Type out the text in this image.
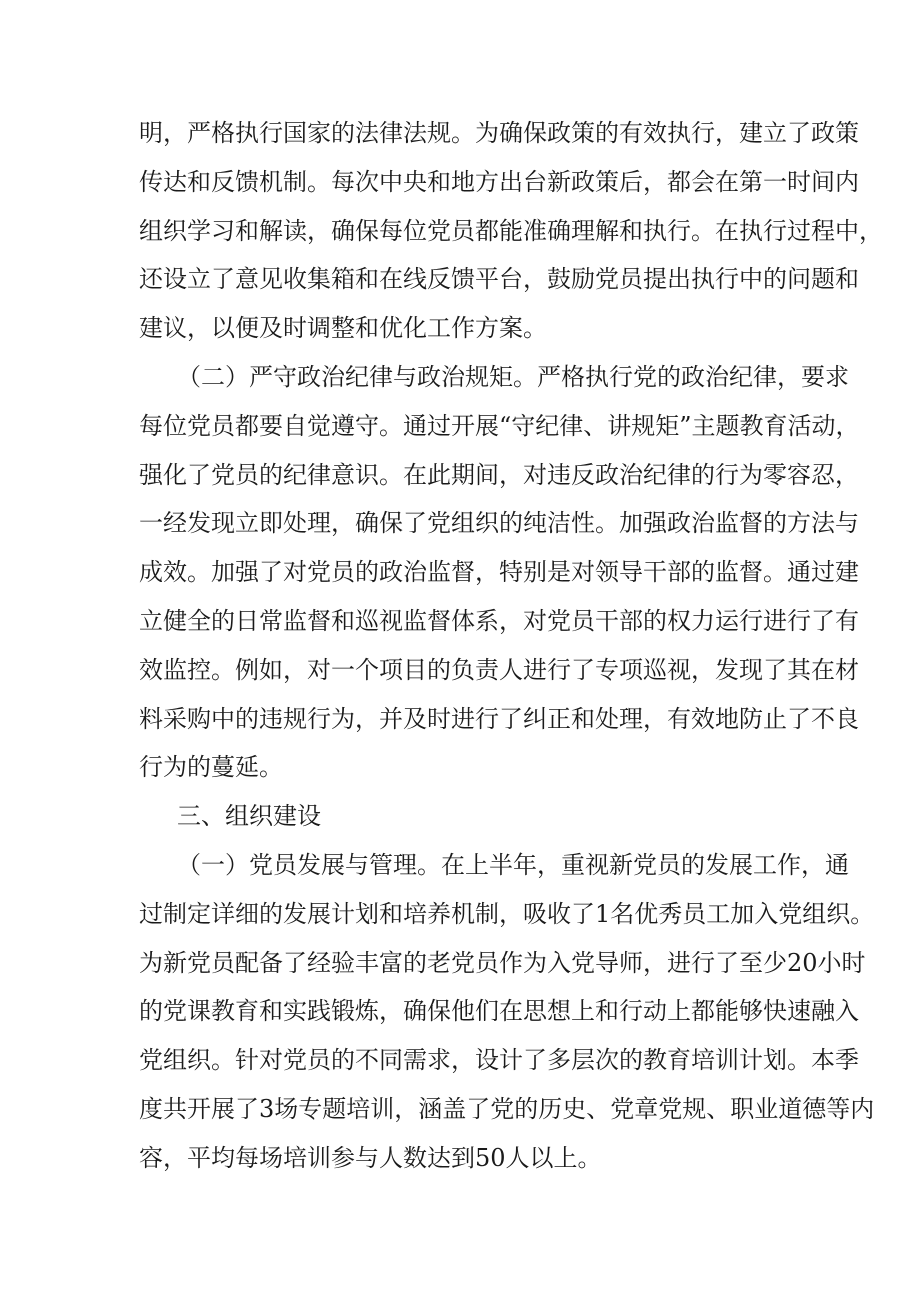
明，严格执行国家的法律法规。为确保政策的有效执行，建立了政策
传达和反馈机制。每次中央和地方出台新政策后，都会在第一时间内
组织学习和解读，确保每位党员都能准确理解和执行。在执行过程中，
还设立了意见收集箱和在线反馈平台，鼓励党员提出执行中的问题和
建议，以便及时调整和优化工作方案。
（二）严守政治纪律与政治规矩。严格执行党的政治纪律，要求
每位党员都要自觉遵守。通过开展“守纪律、讲规矩”主题教育活动，
强化了党员的纪律意识。在此期间，对违反政治纪律的行为零容忍，
一经发现立即处理，确保了党组织的纯洁性。加强政治监督的方法与
成效。加强了对党员的政治监督，特别是对领导干部的监督。通过建
立健全的日常监督和巡视监督体系，对党员干部的权力运行进行了有
效监控。例如，对一个项目的负责人进行了专项巡视，发现了其在材
料采购中的违规行为，并及时进行了纠正和处理，有效地防止了不良
行为的蔓延。
三、组织建设
（一）党员发展与管理。在上半年，重视新党员的发展工作，通
过制定详细的发展计划和培养机制，吸收了1名优秀员工加入党组织。
为新党员配备了经验丰富的老党员作为入党导师，进行了至少20小时
的党课教育和实践锻炼，确保他们在思想上和行动上都能够快速融入
党组织。针对党员的不同需求，设计了多层次的教育培训计划。本季
度共开展了3场专题培训，涵盖了党的历史、党章党规、职业道德等内
容，平均每场培训参与人数达到50人以上。
